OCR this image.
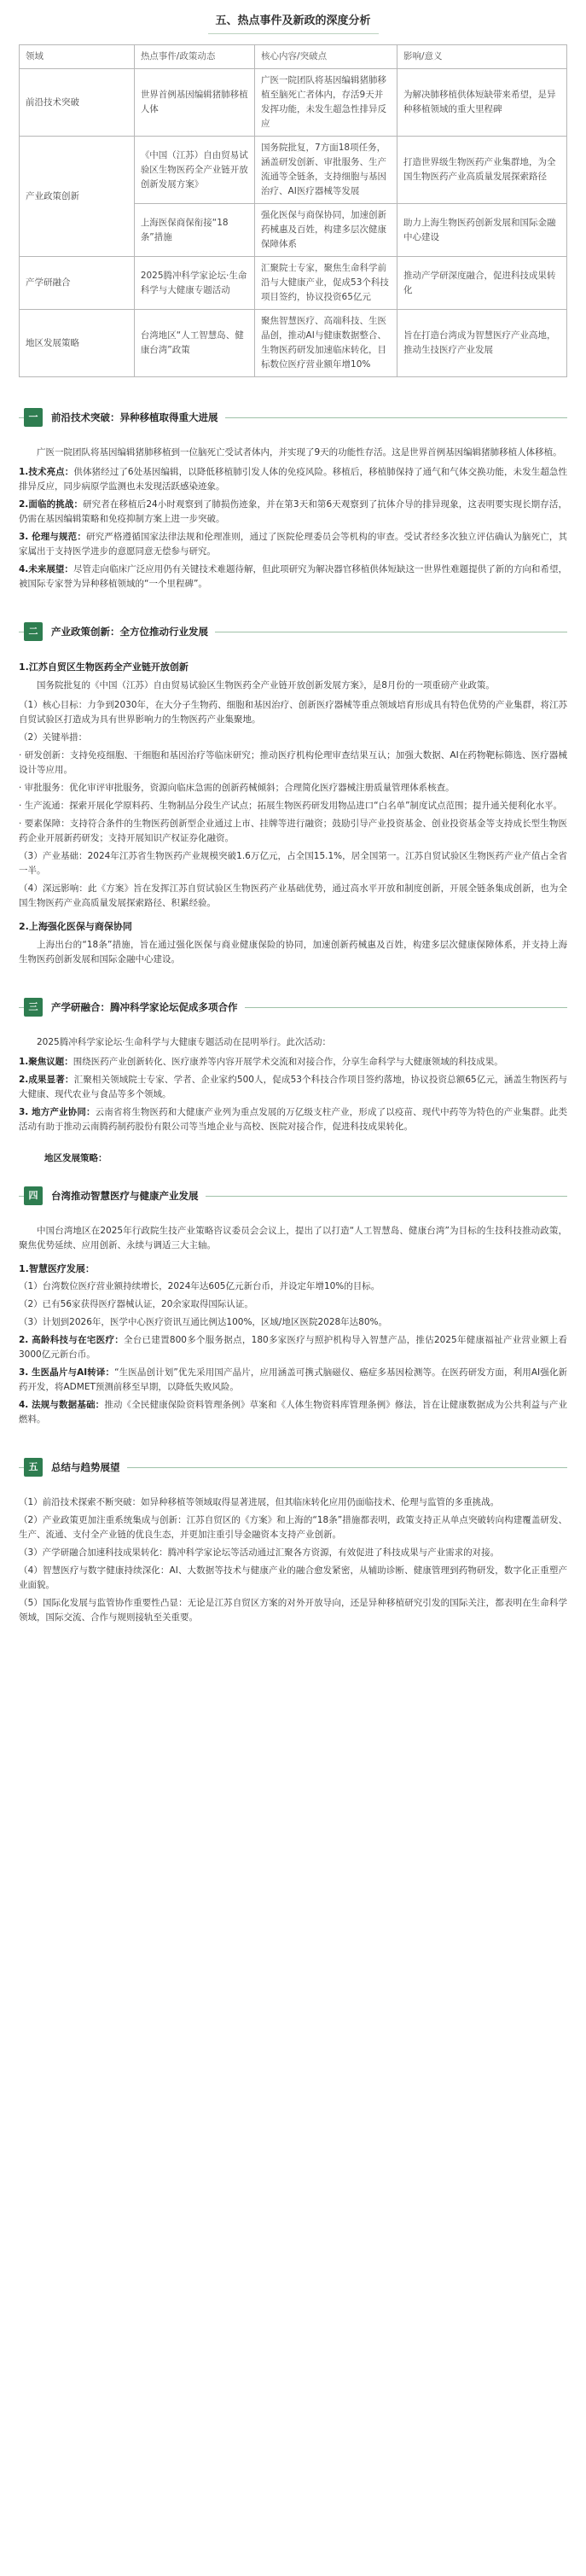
五、热点事件及新政的深度分析
领域	热点事件/政策动态	核心内容/突破点	影响/意义
前沿技术突破	世界首例基因编辑猪肺移植人体	广医一院团队将基因编辑猪肺移植至脑死亡者体内，存活9天并发挥功能，未发生超急性排异反应	为解决肺移植供体短缺带来希望，是异种移植领域的重大里程碑
产业政策创新	《中国（江苏）自由贸易试验区生物医药全产业链开放创新发展方案》	国务院批复，7方面18项任务，涵盖研发创新、审批服务、生产流通等全链条，支持细胞与基因治疗、AI医疗器械等发展	打造世界级生物医药产业集群地，为全国生物医药产业高质量发展探索路径
	上海医保商保衔接“18条”措施	强化医保与商保协同，加速创新药械惠及百姓，构建多层次健康保障体系	助力上海生物医药创新发展和国际金融中心建设
产学研融合	2025腾冲科学家论坛·生命科学与大健康专题活动	汇聚院士专家，聚焦生命科学前沿与大健康产业，促成53个科技项目签约，协议投资65亿元	推动产学研深度融合，促进科技成果转化
地区发展策略	台湾地区“人工智慧岛、健康台湾”政策	聚焦智慧医疗、高端科技、生医晶创，推动AI与健康数据整合、生物医药研发加速临床转化，目标数位医疗营业额年增10%	旨在打造台湾成为智慧医疗产业高地，推动生技医疗产业发展
一	前沿技术突破：异种移植取得重大进展

广医一院团队将基因编辑猪肺移植到一位脑死亡受试者体内，并实现了9天的功能性存活。这是世界首例基因编辑猪肺移植人体移植。

1.技术亮点：供体猪经过了6处基因编辑，以降低移植肺引发人体的免疫风险。移植后，移植肺保持了通气和气体交换功能，未发生超急性排异反应，同步病原学监测也未发现活跃感染迹象。

2.面临的挑战：研究者在移植后24小时观察到了肺损伤迹象，并在第3天和第6天观察到了抗体介导的排异现象，这表明要实现长期存活，仍需在基因编辑策略和免疫抑制方案上进一步突破。

3. 伦理与规范：研究严格遵循国家法律法规和伦理准则，通过了医院伦理委员会等机构的审查。受试者经多次独立评估确认为脑死亡，其家属出于支持医学进步的意愿同意无偿参与研究。

4.未来展望：尽管走向临床广泛应用仍有关键技术难题待解，但此项研究为解决器官移植供体短缺这一世界性难题提供了新的方向和希望，被国际专家誉为异种移植领域的“一个里程碑”。

二	产业政策创新：全方位推动行业发展
1.江苏自贸区生物医药全产业链开放创新

国务院批复的《中国（江苏）自由贸易试验区生物医药全产业链开放创新发展方案》，是8月份的一项重磅产业政策。

（1）核心目标：力争到2030年，在大分子生物药、细胞和基因治疗、创新医疗器械等重点领域培育形成具有特色优势的产业集群，将江苏自贸试验区打造成为具有世界影响力的生物医药产业集聚地。

（2）关键举措：

· 研发创新：支持免疫细胞、干细胞和基因治疗等临床研究；推动医疗机构伦理审查结果互认；加强大数据、AI在药物靶标筛选、医疗器械设计等应用。

· 审批服务：优化审评审批服务，资源向临床急需的创新药械倾斜；合理简化医疗器械注册质量管理体系核查。

· 生产流通：探索开展化学原料药、生物制品分段生产试点；拓展生物医药研发用物品进口“白名单”制度试点范围；提升通关便利化水平。

· 要素保障：支持符合条件的生物医药创新型企业通过上市、挂牌等进行融资；鼓励引导产业投资基金、创业投资基金等支持成长型生物医药企业开展新药研发；支持开展知识产权证券化融资。

（3）产业基础：2024年江苏省生物医药产业规模突破1.6万亿元，占全国15.1%，居全国第一。江苏自贸试验区生物医药产业产值占全省一半。

（4）深远影响：此《方案》旨在发挥江苏自贸试验区生物医药产业基础优势，通过高水平开放和制度创新，开展全链条集成创新，也为全国生物医药产业高质量发展探索路径、积累经验。

2.上海强化医保与商保协同

上海出台的“18条”措施，旨在通过强化医保与商业健康保险的协同，加速创新药械惠及百姓，构建多层次健康保障体系，并支持上海生物医药创新发展和国际金融中心建设。

三	产学研融合：腾冲科学家论坛促成多项合作

2025腾冲科学家论坛·生命科学与大健康专题活动在昆明举行。此次活动：

1.聚焦议题：围绕医药产业创新转化、医疗康养等内容开展学术交流和对接合作，分享生命科学与大健康领域的科技成果。

2.成果显著：汇聚相关领域院士专家、学者、企业家约500人，促成53个科技合作项目签约落地，协议投资总额65亿元，涵盖生物医药与大健康、现代农业与食品等多个领域。

3. 地方产业协同：云南省将生物医药和大健康产业列为重点发展的万亿级支柱产业，形成了以疫苗、现代中药等为特色的产业集群。此类活动有助于推动云南腾药制药股份有限公司等当地企业与高校、医院对接合作，促进科技成果转化。

地区发展策略：
四	台湾推动智慧医疗与健康产业发展

中国台湾地区在2025年行政院生技产业策略咨议委员会会议上，提出了以打造“人工智慧岛、健康台湾”为目标的生技科技推动政策，聚焦优势延续、应用创新、永续与调适三大主轴。

1.智慧医疗发展：

（1）台湾数位医疗营业额持续增长，2024年达605亿元新台币，并设定年增10%的目标。

（2）已有56家获得医疗器械认证，20余家取得国际认证。

（3）计划到2026年，医学中心医疗资讯互通比例达100%，区域/地区医院2028年达80%。

2. 高龄科技与在宅医疗：全台已建置800多个服务据点，180多家医疗与照护机构导入智慧产品，推估2025年健康福祉产业营业额上看3000亿元新台币。

3. 生医晶片与AI转译：“生医晶创计划”优先采用国产晶片，应用涵盖可携式脑磁仪、癌症多基因检测等。在医药研发方面，利用AI强化新药开发，将ADMET预测前移至早期，以降低失败风险。

4. 法规与数据基础：推动《全民健康保险资料管理条例》草案和《人体生物资料库管理条例》修法，旨在让健康数据成为公共利益与产业燃料。

五	总结与趋势展望

（1）前沿技术探索不断突破：如异种移植等领域取得显著进展，但其临床转化应用仍面临技术、伦理与监管的多重挑战。

（2）产业政策更加注重系统集成与创新：江苏自贸区的《方案》和上海的“18条”措施都表明，政策支持正从单点突破转向构建覆盖研发、生产、流通、支付全产业链的优良生态，并更加注重引导金融资本支持产业创新。

（3）产学研融合加速科技成果转化：腾冲科学家论坛等活动通过汇聚各方资源，有效促进了科技成果与产业需求的对接。

（4）智慧医疗与数字健康持续深化：AI、大数据等技术与健康产业的融合愈发紧密，从辅助诊断、健康管理到药物研发，数字化正重塑产业面貌。

（5）国际化发展与监管协作重要性凸显：无论是江苏自贸区方案的对外开放导向，还是异种移植研究引发的国际关注，都表明在生命科学领域，国际交流、合作与规则接轨至关重要。
